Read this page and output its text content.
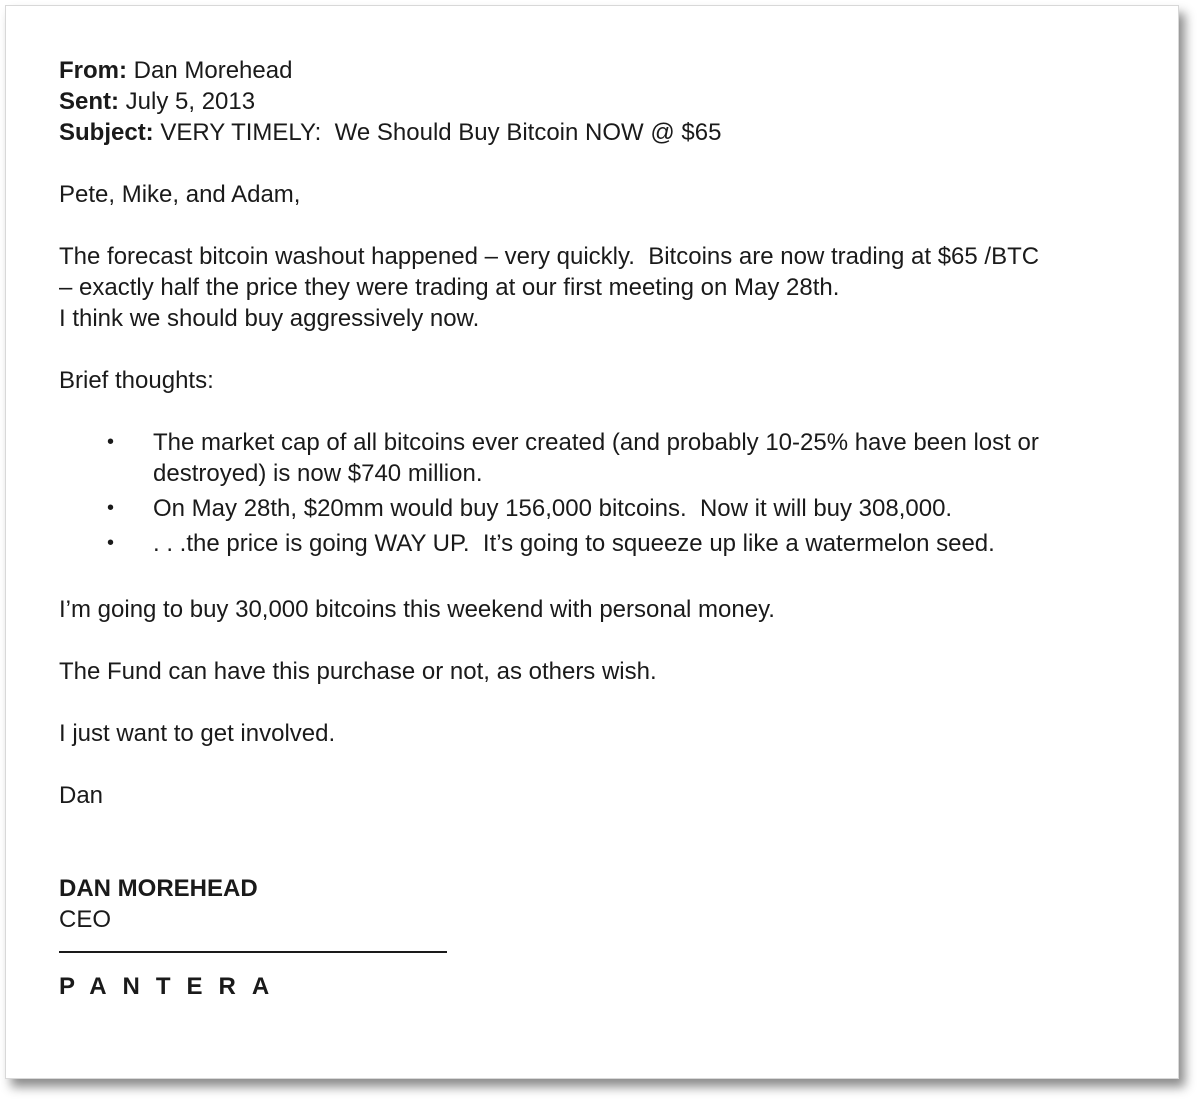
From: Dan Morehead
Sent: July 5, 2013
Subject: VERY TIMELY:  We Should Buy Bitcoin NOW @ $65
Pete, Mike, and Adam,
The forecast bitcoin washout happened – very quickly.  Bitcoins are now trading at $65 /BTC
– exactly half the price they were trading at our first meeting on May 28th.
I think we should buy aggressively now.
Brief thoughts:
• The market cap of all bitcoins ever created (and probably 10-25% have been lost or destroyed) is now $740 million.
• On May 28th, $20mm would buy 156,000 bitcoins.  Now it will buy 308,000.
• . . .the price is going WAY UP.  It’s going to squeeze up like a watermelon seed.
I’m going to buy 30,000 bitcoins this weekend with personal money.
The Fund can have this purchase or not, as others wish.
I just want to get involved.
Dan
DAN MOREHEAD
CEO
PANTERA
